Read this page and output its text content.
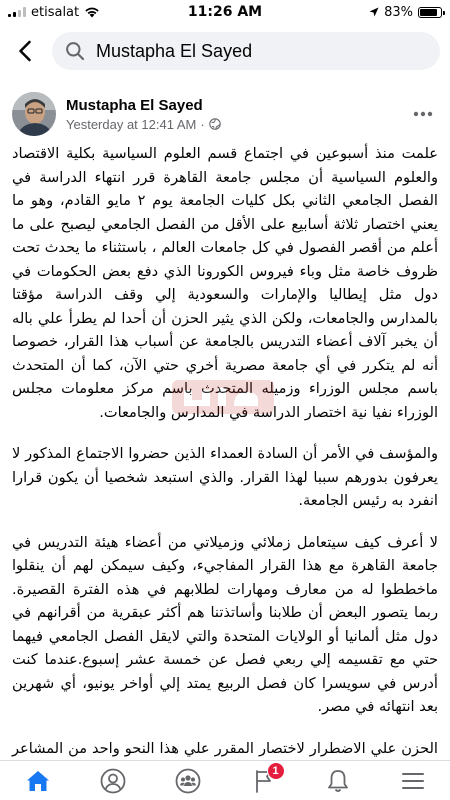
etisalat	11:26 AM	83%
Mustapha El Sayed
Mustapha El Sayed
Yesterday at 12:41 AM ·

علمت منذ أسبوعين في اجتماع قسم العلوم السياسية بكلية الاقتصاد والعلوم السياسية أن مجلس جامعة القاهرة قرر انتهاء الدراسة في الفصل الجامعي الثاني بكل كليات الجامعة يوم ٢ مايو القادم، وهو ما يعني اختصار ثلاثة أسابيع على الأقل من الفصل الجامعي ليصبح على ما أعلم من أقصر الفصول في كل جامعات العالم ، باستثناء ما يحدث تحت ظروف خاصة مثل وباء فيروس الكورونا الذي دفع بعض الحكومات في دول مثل إيطاليا والإمارات والسعودية إلي وقف الدراسة مؤقتا بالمدارس والجامعات، ولكن الذي يثير الحزن أن أحدا لم يطرأ علي باله أن يخبر آلاف أعضاء التدريس بالجامعة عن أسباب هذا القرار، خصوصا أنه لم يتكرر في أي جامعة مصرية أخري حتي الآن، كما أن المتحدث باسم مجلس الوزراء وزميله المتحدث باسم مركز معلومات مجلس الوزراء نفيا نية اختصار الدراسة في المدارس والجامعات.

والمؤسف في الأمر أن السادة العمداء الذين حضروا الاجتماع المذكور لا يعرفون بدورهم سببا لهذا القرار. والذي استبعد شخصيا أن يكون قرارا انفرد به رئيس الجامعة.

لا أعرف كيف سيتعامل زملائي وزميلاتي من أعضاء هيئة التدريس في جامعة القاهرة مع هذا القرار المفاجيء، وكيف سيمكن لهم أن ينقلوا ماخططوا له من معارف ومهارات لطلابهم في هذه الفترة القصيرة. ربما يتصور البعض أن طلابنا وأساتذتنا هم أكثر عبقرية من أقرانهم في دول مثل ألمانيا أو الولايات المتحدة والتي لايقل الفصل الجامعي فيهما حتي مع تقسيمه إلي ربعي فصل عن خمسة عشر إسبوع.عندما كنت أدرس في سويسرا كان فصل الربيع يمتد إلي أواخر يونيو، أي شهرين بعد انتهائه في مصر.

الحزن علي الاضطرار لاختصار المقرر علي هذا النحو واحد من المشاعر

1
